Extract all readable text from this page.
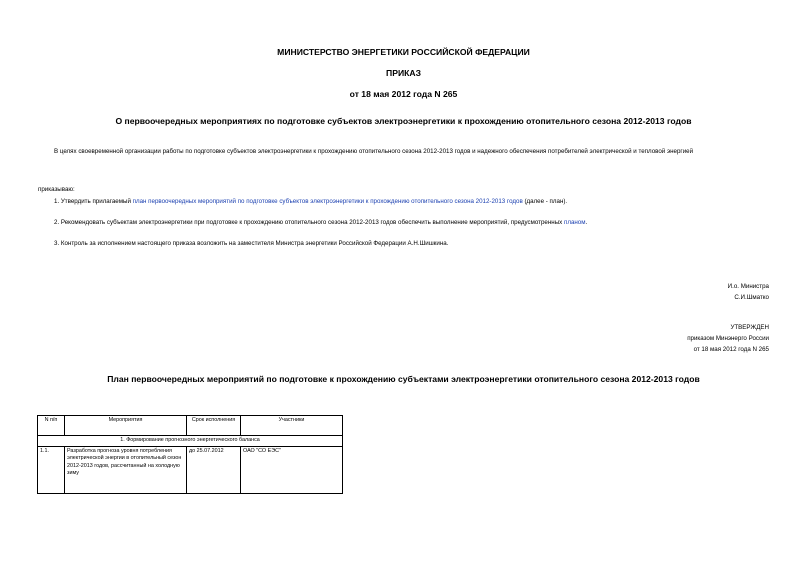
МИНИСТЕРСТВО ЭНЕРГЕТИКИ РОССИЙСКОЙ ФЕДЕРАЦИИ
ПРИКАЗ
от 18 мая 2012 года N 265
О первоочередных мероприятиях по подготовке субъектов электроэнергетики к прохождению отопительного сезона 2012-2013 годов
В целях своевременной организации работы по подготовке субъектов электроэнергетики к прохождению отопительного сезона 2012-2013 годов и надежного обеспечения потребителей электрической и тепловой энергией
приказываю:
1. Утвердить прилагаемый план первоочередных мероприятий по подготовке субъектов электроэнергетики к прохождению отопительного сезона 2012-2013 годов (далее - план).
2. Рекомендовать субъектам электроэнергетики при подготовке к прохождению отопительного сезона 2012-2013 годов обеспечить выполнение мероприятий, предусмотренных планом.
3. Контроль за исполнением настоящего приказа возложить на заместителя Министра энергетики Российской Федерации А.Н.Шишкина.
И.о. Министра
С.И.Шматко
УТВЕРЖДЕН
приказом Минэнерго России
от 18 мая 2012 года N 265
План первоочередных мероприятий по подготовке к прохождению субъектами электроэнергетики отопительного сезона 2012-2013 годов
N п/п	Мероприятия	Срок исполнения	Участники
1. Формирование прогнозного энергетического баланса			
1.1.	Разработка прогноза уровня потребления электрической энергии в отопительный сезон 2012-2013 годов, рассчитанный на холодную зиму	до 25.07.2012	ОАО "СО ЕЭС"
